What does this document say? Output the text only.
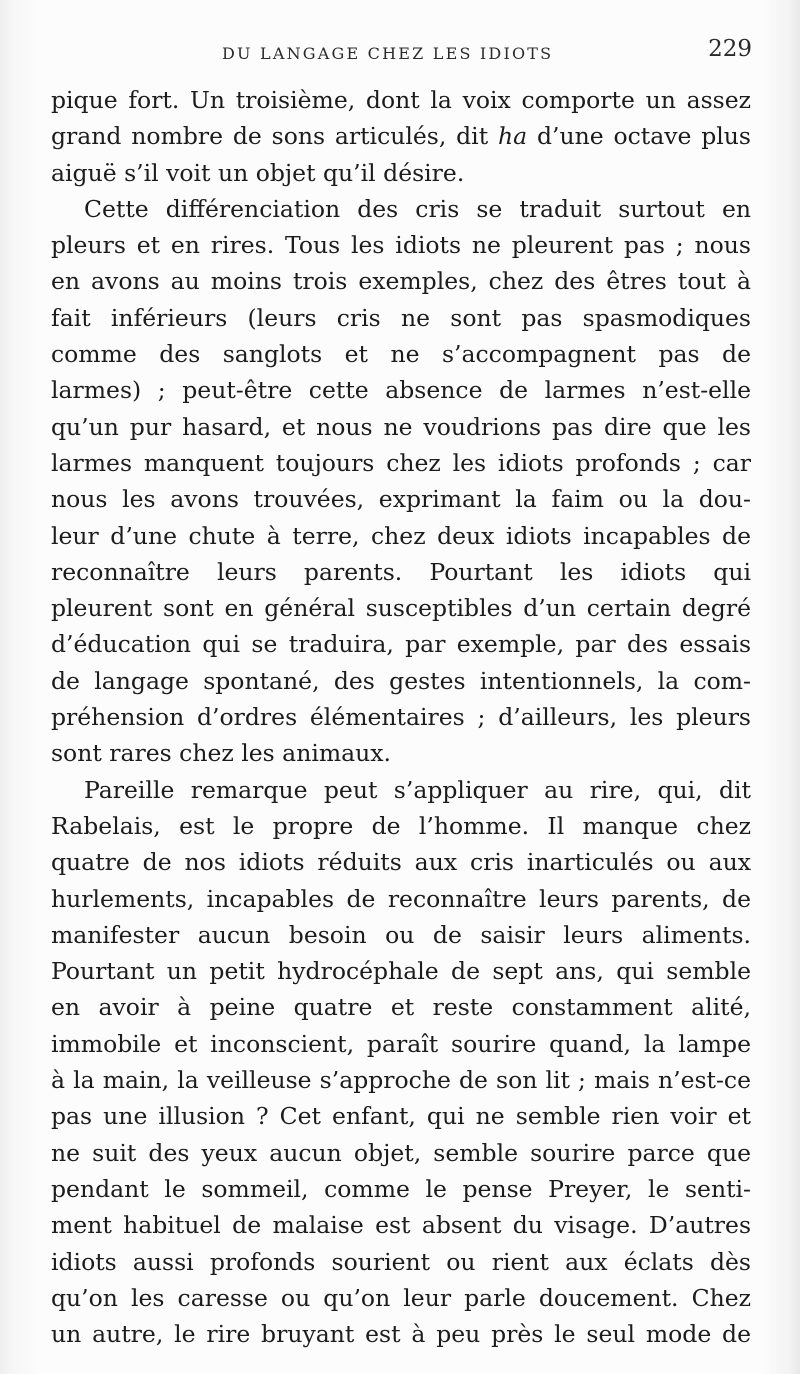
DU LANGAGE CHEZ LES IDIOTS	229
pique fort. Un troisième, dont la voix comporte un assez
grand nombre de sons articulés, dit ha d’une octave plus
aiguë s’il voit un objet qu’il désire.
Cette différenciation des cris se traduit surtout en
pleurs et en rires. Tous les idiots ne pleurent pas ; nous
en avons au moins trois exemples, chez des êtres tout à
fait inférieurs (leurs cris ne sont pas spasmodiques
comme des sanglots et ne s’accompagnent pas de
larmes) ; peut-être cette absence de larmes n’est-elle
qu’un pur hasard, et nous ne voudrions pas dire que les
larmes manquent toujours chez les idiots profonds ; car
nous les avons trouvées, exprimant la faim ou la dou-
leur d’une chute à terre, chez deux idiots incapables de
reconnaître leurs parents. Pourtant les idiots qui
pleurent sont en général susceptibles d’un certain degré
d’éducation qui se traduira, par exemple, par des essais
de langage spontané, des gestes intentionnels, la com-
préhension d’ordres élémentaires ; d’ailleurs, les pleurs
sont rares chez les animaux.
Pareille remarque peut s’appliquer au rire, qui, dit
Rabelais, est le propre de l’homme. Il manque chez
quatre de nos idiots réduits aux cris inarticulés ou aux
hurlements, incapables de reconnaître leurs parents, de
manifester aucun besoin ou de saisir leurs aliments.
Pourtant un petit hydrocéphale de sept ans, qui semble
en avoir à peine quatre et reste constamment alité,
immobile et inconscient, paraît sourire quand, la lampe
à la main, la veilleuse s’approche de son lit ; mais n’est-ce
pas une illusion ? Cet enfant, qui ne semble rien voir et
ne suit des yeux aucun objet, semble sourire parce que
pendant le sommeil, comme le pense Preyer, le senti-
ment habituel de malaise est absent du visage. D’autres
idiots aussi profonds sourient ou rient aux éclats dès
qu’on les caresse ou qu’on leur parle doucement. Chez
un autre, le rire bruyant est à peu près le seul mode de
